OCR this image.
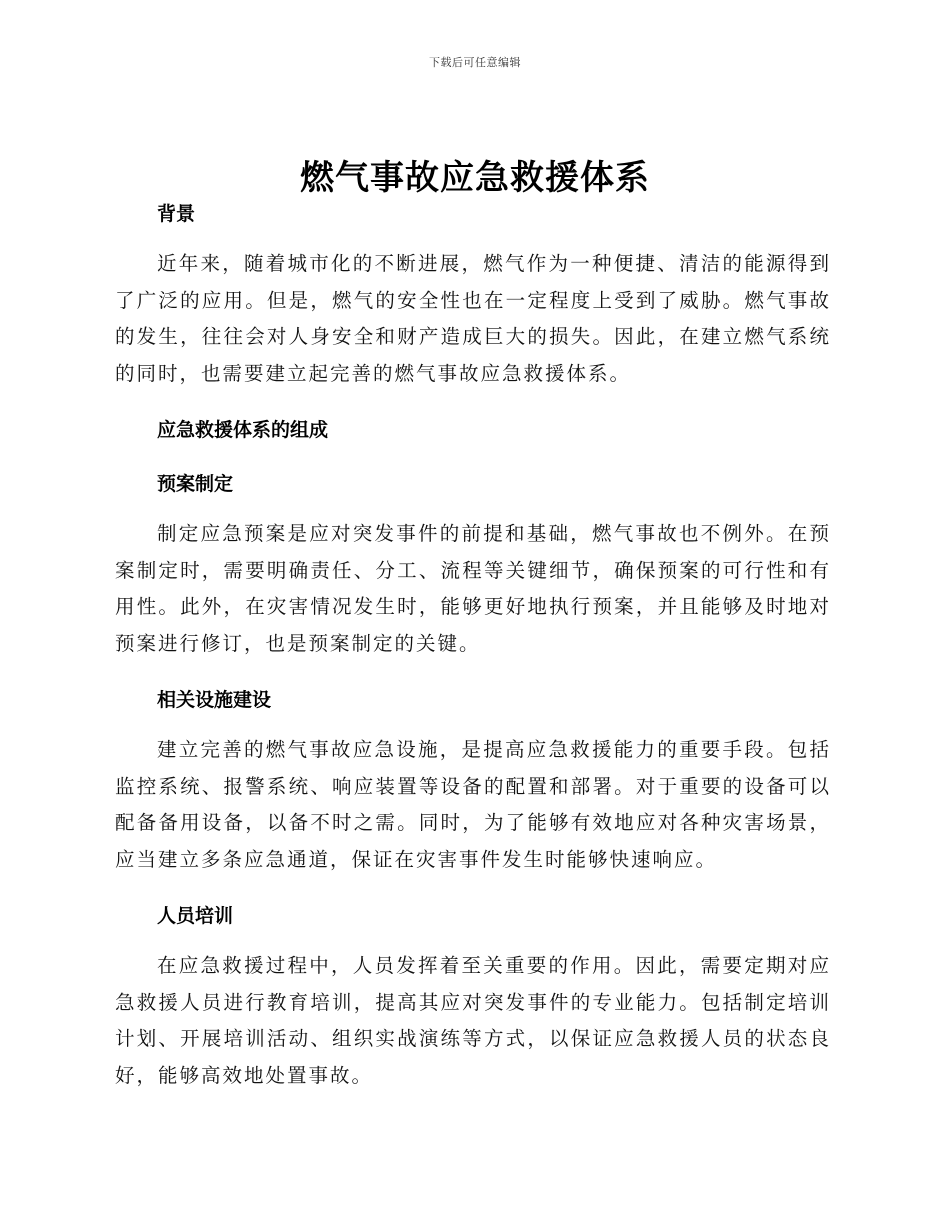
下载后可任意编辑
燃气事故应急救援体系
背景

近年来，随着城市化的不断进展，燃气作为一种便捷、清洁的能源得到了广泛的应用。但是，燃气的安全性也在一定程度上受到了威胁。燃气事故的发生，往往会对人身安全和财产造成巨大的损失。因此，在建立燃气系统的同时，也需要建立起完善的燃气事故应急救援体系。

应急救援体系的组成
预案制定

制定应急预案是应对突发事件的前提和基础，燃气事故也不例外。在预案制定时，需要明确责任、分工、流程等关键细节，确保预案的可行性和有用性。此外，在灾害情况发生时，能够更好地执行预案，并且能够及时地对预案进行修订，也是预案制定的关键。

相关设施建设

建立完善的燃气事故应急设施，是提高应急救援能力的重要手段。包括监控系统、报警系统、响应装置等设备的配置和部署。对于重要的设备可以配备备用设备，以备不时之需。同时，为了能够有效地应对各种灾害场景，应当建立多条应急通道，保证在灾害事件发生时能够快速响应。

人员培训

在应急救援过程中，人员发挥着至关重要的作用。因此，需要定期对应急救援人员进行教育培训，提高其应对突发事件的专业能力。包括制定培训计划、开展培训活动、组织实战演练等方式，以保证应急救援人员的状态良好，能够高效地处置事故。
